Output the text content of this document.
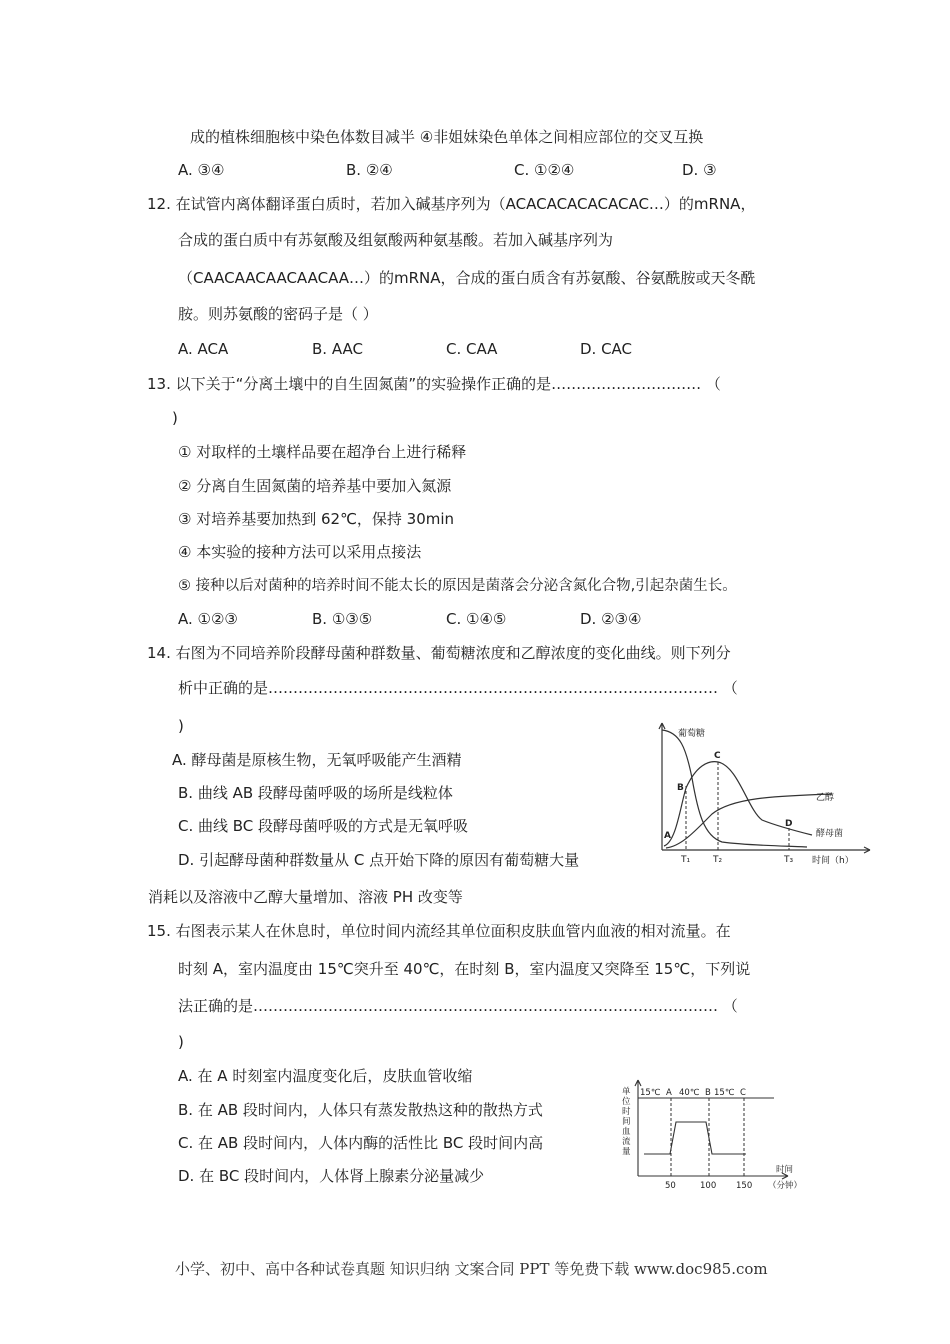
成的植株细胞核中染色体数目减半 ④非姐妹染色单体之间相应部位的交叉互换
A. ③④	B. ②④	C. ①②④	D. ③
12. 在试管内离体翻译蛋白质时，若加入碱基序列为（ACACACACACACAC…）的mRNA，
合成的蛋白质中有苏氨酸及组氨酸两种氨基酸。若加入碱基序列为
（CAACAACAACAACAA…）的mRNA，合成的蛋白质含有苏氨酸、谷氨酰胺或天冬酰
胺。则苏氨酸的密码子是（ ）
A. ACA	B. AAC	C. CAA	D. CAC
13. 以下关于“分离土壤中的自生固氮菌”的实验操作正确的是………………………… （
)
① 对取样的土壤样品要在超净台上进行稀释
② 分离自生固氮菌的培养基中要加入氮源
③ 对培养基要加热到 62℃，保持 30min
④ 本实验的接种方法可以采用点接法
⑤ 接种以后对菌种的培养时间不能太长的原因是菌落会分泌含氮化合物,引起杂菌生长。
A. ①②③	B. ①③⑤	C. ①④⑤	D. ②③④
14. 右图为不同培养阶段酵母菌种群数量、葡萄糖浓度和乙醇浓度的变化曲线。则下列分
析中正确的是……………………………………………………………………………… （
)
A. 酵母菌是原核生物，无氧呼吸能产生酒精
B. 曲线 AB 段酵母菌呼吸的场所是线粒体
C. 曲线 BC 段酵母菌呼吸的方式是无氧呼吸
D. 引起酵母菌种群数量从 C 点开始下降的原因有葡萄糖大量
消耗以及溶液中乙醇大量增加、溶液 PH 改变等
葡萄糖
乙醇
酵母菌
时间（h）
A
B
C
D
T₁	T₂	T₃
15. 右图表示某人在休息时，单位时间内流经其单位面积皮肤血管内血液的相对流量。在
时刻 A，室内温度由 15℃突升至 40℃，在时刻 B，室内温度又突降至 15℃，下列说
法正确的是………………………………………………………………………………… （
)
A. 在 A 时刻室内温度变化后，皮肤血管收缩
B. 在 AB 段时间内，人体只有蒸发散热这种的散热方式
C. 在 AB 段时间内，人体内酶的活性比 BC 段时间内高
D. 在 BC 段时间内，人体肾上腺素分泌量减少
单
位
时
间
血
流
量
15℃ A 40℃ B 15℃ C
50	100 150
时间
（分钟）
小学、初中、高中各种试卷真题 知识归纳 文案合同 PPT 等免费下载 www.doc985.com
